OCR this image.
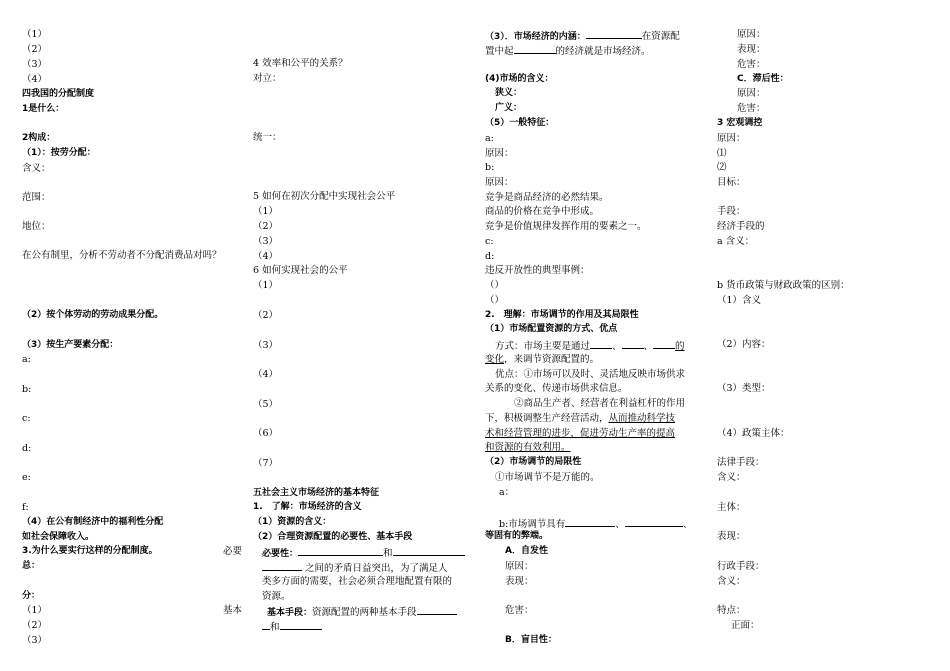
（1）
（2）
（3）
（4）
四我国的分配制度
1是什么：
2构成：
（1）：按劳分配：
含义：
范围：
地位：
在公有制里，分析不劳动者不分配消费品对吗？
（2）按个体劳动的劳动成果分配。
（3）按生产要素分配：
a:
b:
c:
d:
e:
f:
（4）在公有制经济中的福利性分配
如社会保障收入。
3.为什么要实行这样的分配制度。	必要
总：
分：
（1）	基本
（2）
（3）
4 效率和公平的关系？
对立：
统一：
5 如何在初次分配中实现社会公平
（1）
（2）
（3）
（4）
6 如何实现社会的公平
（1）
（2）
（3）
（4）
（5）
（6）
（7）
五社会主义市场经济的基本特征
1.　了解：市场经济的含义
（1）资源的含义：
（2）合理资源配置的必要性、基本手段
必要性：	和
之间的矛盾日益突出，为了满足人
类多方面的需要，社会必须合理地配置有限的
资源。
基本手段：资源配置的两种基本手段
和
（3）．市场经济的内涵：	在资源配
置中起	的经济就是市场经济。
(4)市场的含义：
狭义：
广义：
（5）一般特征：
a:
原因：
b:
原因：
竞争是商品经济的必然结果。
商品的价格在竞争中形成。
竞争是价值规律发挥作用的要素之一。
c:
d:
违反开放性的典型事例：
（）
（）
2.　理解：市场调节的作用及其局限性
（1）市场配置资源的方式、优点
方式：市场主要是通过 、 、 的
变化，来调节资源配置的。
优点：①市场可以及时、灵活地反映市场供求
关系的变化、传递市场供求信息。
②商品生产者、经营者在利益杠杆的作用
下，积极调整生产经营活动，从而推动科学技
术和经营管理的进步，促进劳动生产率的提高
和资源的有效利用。
（2）市场调节的局限性
①市场调节不是万能的。
a：
b:市场调节具有	、	、
等固有的弊端。
A．自发性
原因：
表现：
危害：
B．盲目性：
原因：
表现：
危害：
C．滞后性：
原因：
危害：
3 宏观调控
原因：
⑴
⑵
目标：
手段：
经济手段的
a 含义：
b 货币政策与财政政策的区别：
（1）含义
（2）内容：
（3）类型：
（4）政策主体：
法律手段：
含义：
主体：
表现：
行政手段：
含义：
特点：
正面：
